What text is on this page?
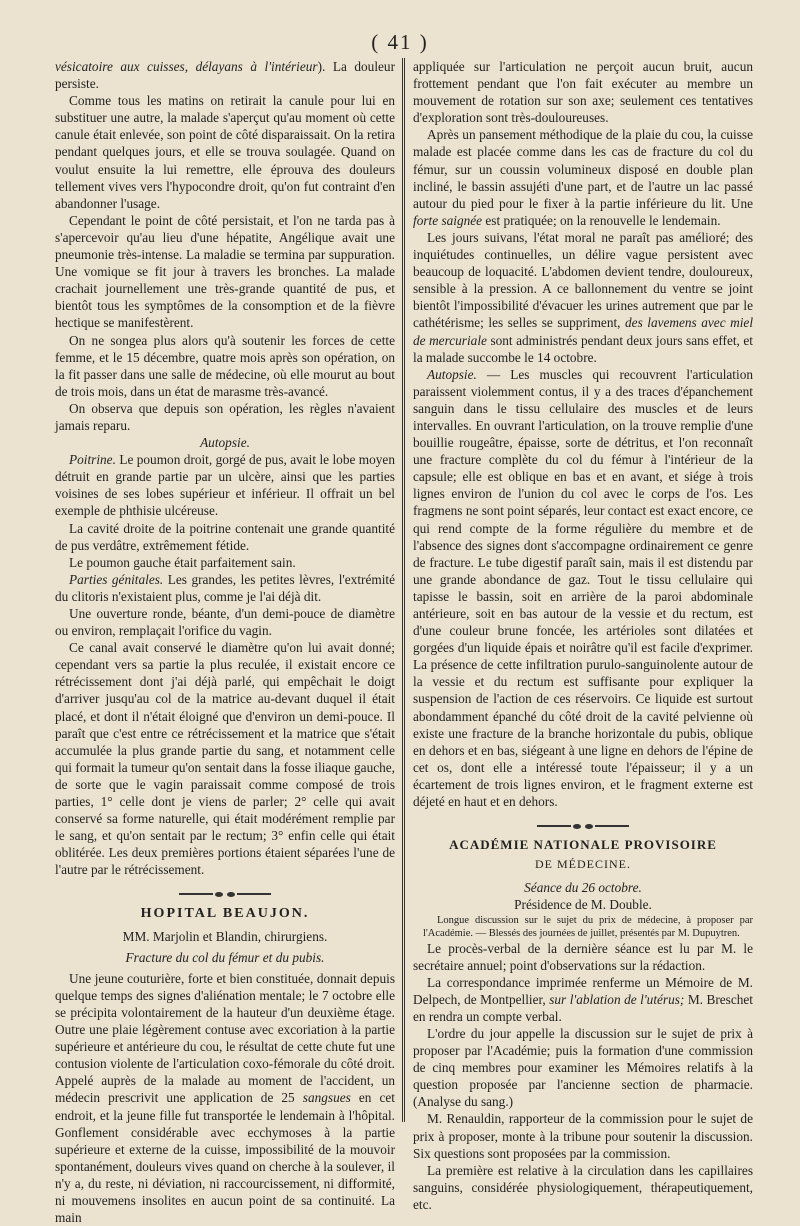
( 41 )

vésicatoire aux cuisses, délayans à l'intérieur). La douleur persiste.

Comme tous les matins on retirait la canule pour lui en substituer une autre, la malade s'aperçut qu'au moment où cette canule était enlevée, son point de côté disparaissait. On la retira pendant quelques jours, et elle se trouva soulagée. Quand on voulut ensuite la lui remettre, elle éprouva des douleurs tellement vives vers l'hypocondre droit, qu'on fut contraint d'en abandonner l'usage.

Cependant le point de côté persistait, et l'on ne tarda pas à s'apercevoir qu'au lieu d'une hépatite, Angélique avait une pneumonie très-intense. La maladie se termina par suppuration. Une vomique se fit jour à travers les bronches. La malade crachait journellement une très-grande quantité de pus, et bientôt tous les symptômes de la consomption et de la fièvre hectique se manifestèrent.

On ne songea plus alors qu'à soutenir les forces de cette femme, et le 15 décembre, quatre mois après son opération, on la fit passer dans une salle de médecine, où elle mourut au bout de trois mois, dans un état de marasme très-avancé.

On observa que depuis son opération, les règles n'avaient jamais reparu.

Autopsie.

Poitrine. Le poumon droit, gorgé de pus, avait le lobe moyen détruit en grande partie par un ulcère, ainsi que les parties voisines de ses lobes supérieur et inférieur. Il offrait un bel exemple de phthisie ulcéreuse.

La cavité droite de la poitrine contenait une grande quantité de pus verdâtre, extrêmement fétide.

Le poumon gauche était parfaitement sain.

Parties génitales. Les grandes, les petites lèvres, l'extrémité du clitoris n'existaient plus, comme je l'ai déjà dit.

Une ouverture ronde, béante, d'un demi-pouce de diamètre ou environ, remplaçait l'orifice du vagin.

Ce canal avait conservé le diamètre qu'on lui avait donné; cependant vers sa partie la plus reculée, il existait encore ce rétrécissement dont j'ai déjà parlé, qui empêchait le doigt d'arriver jusqu'au col de la matrice au-devant duquel il était placé, et dont il n'était éloigné que d'environ un demi-pouce. Il paraît que c'est entre ce rétrécissement et la matrice que s'était accumulée la plus grande partie du sang, et notamment celle qui formait la tumeur qu'on sentait dans la fosse iliaque gauche, de sorte que le vagin paraissait comme composé de trois parties, 1° celle dont je viens de parler; 2° celle qui avait conservé sa forme naturelle, qui était modérément remplie par le sang, et qu'on sentait par le rectum; 3° enfin celle qui était oblitérée. Les deux premières portions étaient séparées l'une de l'autre par le rétrécissement.

HOPITAL BEAUJON.

MM. Marjolin et Blandin, chirurgiens.

Fracture du col du fémur et du pubis.

Une jeune couturière, forte et bien constituée, donnait depuis quelque temps des signes d'aliénation mentale; le 7 octobre elle se précipita volontairement de la hauteur d'un deuxième étage. Outre une plaie légèrement contuse avec excoriation à la partie supérieure et antérieure du cou, le résultat de cette chute fut une contusion violente de l'articulation coxo-fémorale du côté droit. Appelé auprès de la malade au moment de l'accident, un médecin prescrivit une application de 25 sangsues en cet endroit, et la jeune fille fut transportée le lendemain à l'hôpital. Gonflement considérable avec ecchymoses à la partie supérieure et externe de la cuisse, impossibilité de la mouvoir spontanément, douleurs vives quand on cherche à la soulever, il n'y a, du reste, ni déviation, ni raccourcissement, ni difformité, ni mouvemens insolites en aucun point de sa continuité. La main

appliquée sur l'articulation ne perçoit aucun bruit, aucun frottement pendant que l'on fait exécuter au membre un mouvement de rotation sur son axe; seulement ces tentatives d'exploration sont très-douloureuses.

Après un pansement méthodique de la plaie du cou, la cuisse malade est placée comme dans les cas de fracture du col du fémur, sur un coussin volumineux disposé en double plan incliné, le bassin assujéti d'une part, et de l'autre un lac passé autour du pied pour le fixer à la partie inférieure du lit. Une forte saignée est pratiquée; on la renouvelle le lendemain.

Les jours suivans, l'état moral ne paraît pas amélioré; des inquiétudes continuelles, un délire vague persistent avec beaucoup de loquacité. L'abdomen devient tendre, douloureux, sensible à la pression. A ce ballonnement du ventre se joint bientôt l'impossibilité d'évacuer les urines autrement que par le cathétérisme; les selles se suppriment, des lavemens avec miel de mercuriale sont administrés pendant deux jours sans effet, et la malade succombe le 14 octobre.

Autopsie. — Les muscles qui recouvrent l'articulation paraissent violemment contus, il y a des traces d'épanchement sanguin dans le tissu cellulaire des muscles et de leurs intervalles. En ouvrant l'articulation, on la trouve remplie d'une bouillie rougeâtre, épaisse, sorte de détritus, et l'on reconnaît une fracture complète du col du fémur à l'intérieur de la capsule; elle est oblique en bas et en avant, et siége à trois lignes environ de l'union du col avec le corps de l'os. Les fragmens ne sont point séparés, leur contact est exact encore, ce qui rend compte de la forme régulière du membre et de l'absence des signes dont s'accompagne ordinairement ce genre de fracture. Le tube digestif paraît sain, mais il est distendu par une grande abondance de gaz. Tout le tissu cellulaire qui tapisse le bassin, soit en arrière de la paroi abdominale antérieure, soit en bas autour de la vessie et du rectum, est d'une couleur brune foncée, les artérioles sont dilatées et gorgées d'un liquide épais et noirâtre qu'il est facile d'exprimer. La présence de cette infiltration purulo-sanguinolente autour de la vessie et du rectum est suffisante pour expliquer la suspension de l'action de ces réservoirs. Ce liquide est surtout abondamment épanché du côté droit de la cavité pelvienne où existe une fracture de la branche horizontale du pubis, oblique en dehors et en bas, siégeant à une ligne en dehors de l'épine de cet os, dont elle a intéressé toute l'épaisseur; il y a un écartement de trois lignes environ, et le fragment externe est déjeté en haut et en dehors.

ACADÉMIE NATIONALE PROVISOIRE
DE MÉDECINE.

Séance du 26 octobre.

Présidence de M. Double.

Longue discussion sur le sujet du prix de médecine, à proposer par l'Académie. — Blessés des journées de juillet, présentés par M. Dupuytren.

Le procès-verbal de la dernière séance est lu par M. le secrétaire annuel; point d'observations sur la rédaction.

La correspondance imprimée renferme un Mémoire de M. Delpech, de Montpellier, sur l'ablation de l'utérus; M. Breschet en rendra un compte verbal.

L'ordre du jour appelle la discussion sur le sujet de prix à proposer par l'Académie; puis la formation d'une commission de cinq membres pour examiner les Mémoires relatifs à la question proposée par l'ancienne section de pharmacie. (Analyse du sang.)

M. Renauldin, rapporteur de la commission pour le sujet de prix à proposer, monte à la tribune pour soutenir la discussion. Six questions sont proposées par la commission.

La première est relative à la circulation dans les capillaires sanguins, considérée physiologiquement, thérapeutiquement, etc.
